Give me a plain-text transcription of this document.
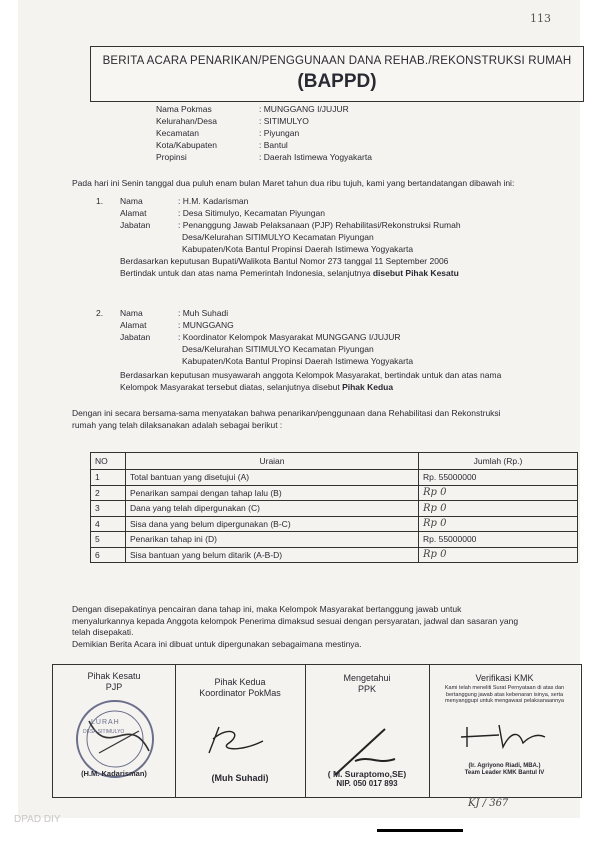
113
BERITA ACARA PENARIKAN/PENGGUNAAN DANA REHAB./REKONSTRUKSI RUMAH
(BAPPD)
Nama Pokmas	: MUNGGANG I/JUJUR
Kelurahan/Desa	: SITIMULYO
Kecamatan	: Piyungan
Kota/Kabupaten	: Bantul
Propinsi	: Daerah Istimewa Yogyakarta
Pada hari ini Senin tanggal dua puluh enam bulan Maret tahun dua ribu tujuh, kami yang bertandatangan dibawah ini:
1. Nama	: H.M. Kadarisman
Alamat	: Desa Sitimulyo, Kecamatan Piyungan
Jabatan	: Penanggung Jawab Pelaksanaan (PJP) Rehabilitasi/Rekonstruksi Rumah
Desa/Kelurahan SITIMULYO Kecamatan Piyungan
Kabupaten/Kota Bantul Propinsi Daerah Istimewa Yogyakarta
Berdasarkan keputusan Bupati/Walikota Bantul Nomor 273 tanggal 11 September 2006
Bertindak untuk dan atas nama Pemerintah Indonesia, selanjutnya disebut Pihak Kesatu
2. Nama	: Muh Suhadi
Alamat	: MUNGGANG
Jabatan	: Koordinator Kelompok Masyarakat MUNGGANG I/JUJUR
Desa/Kelurahan SITIMULYO Kecamatan Piyungan
Kabupaten/Kota Bantul Propinsi Daerah Istimewa Yogyakarta
Berdasarkan keputusan musyawarah anggota Kelompok Masyarakat, bertindak untuk dan atas nama
Kelompok Masyarakat tersebut diatas, selanjutnya disebut Pihak Kedua
Dengan ini secara bersama-sama menyatakan bahwa penarikan/penggunaan dana Rehabilitasi dan Rekonstruksi
rumah yang telah dilaksanakan adalah sebagai berikut :
NO	Uraian	Jumlah (Rp.)
1	Total bantuan yang disetujui (A)	Rp. 55000000
2	Penarikan sampai dengan tahap lalu (B)	Rp 0
3	Dana yang telah dipergunakan (C)	Rp 0
4	Sisa dana yang belum dipergunakan (B-C)	Rp 0
5	Penarikan tahap ini (D)	Rp. 55000000
6	Sisa bantuan yang belum ditarik (A-B-D)	Rp 0
Dengan disepakatinya pencairan dana tahap ini, maka Kelompok Masyarakat bertanggung jawab untuk
menyalurkannya kepada Anggota kelompok Penerima dimaksud sesuai dengan persyaratan, jadwal dan sasaran yang
telah disepakati.
Demikian Berita Acara ini dibuat untuk dipergunakan sebagaimana mestinya.
Pihak Kesatu
PJP
LURAH
DESA SITIMULYO
(H.M. Kadarisman)
Pihak Kedua
Koordinator PokMas
(Muh Suhadi)
Mengetahui
PPK
( M. Suraptomo,SE)
NIP. 050 017 893
Verifikasi KMK
Kami telah meneliti Surat Pernyataan di atas dan bertanggung jawab atas kebenaran isinya, serta menyanggupi untuk mengawasi pelaksanaannya
(Ir. Agriyono Riadi, MBA.)
Team Leader KMK Bantul IV
KJ / 367
DPAD DIY
